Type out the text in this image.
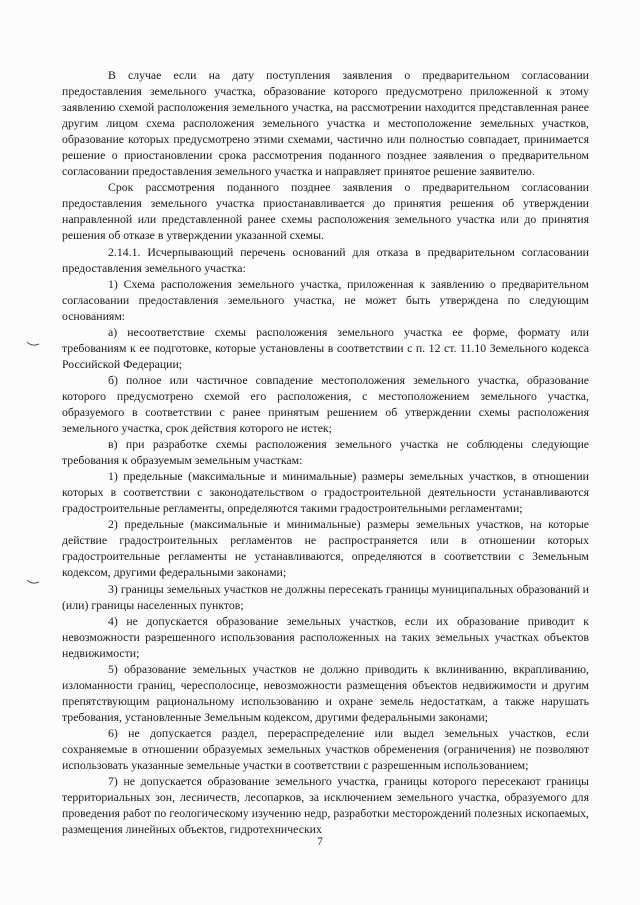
В случае если на дату поступления заявления о предварительном согласовании предоставления земельного участка, образование которого предусмотрено приложенной к этому заявлению схемой расположения земельного участка, на рассмотрении находится представленная ранее другим лицом схема расположения земельного участка и местоположение земельных участков, образование которых предусмотрено этими схемами, частично или полностью совпадает, принимается решение о приостановлении срока рассмотрения поданного позднее заявления о предварительном согласовании предоставления земельного участка и направляет принятое решение заявителю.

Срок рассмотрения поданного позднее заявления о предварительном согласовании предоставления земельного участка приостанавливается до принятия решения об утверждении направленной или представленной ранее схемы расположения земельного участка или до принятия решения об отказе в утверждении указанной схемы.

2.14.1. Исчерпывающий перечень оснований для отказа в предварительном согласовании предоставления земельного участка:

1) Схема расположения земельного участка, приложенная к заявлению о предварительном согласовании предоставления земельного участка, не может быть утверждена по следующим основаниям:

а) несоответствие схемы расположения земельного участка ее форме, формату или требованиям к ее подготовке, которые установлены в соответствии с п. 12 ст. 11.10 Земельного кодекса Российской Федерации;

б) полное или частичное совпадение местоположения земельного участка, образование которого предусмотрено схемой его расположения, с местоположением земельного участка, образуемого в соответствии с ранее принятым решением об утверждении схемы расположения земельного участка, срок действия которого не истек;

в) при разработке схемы расположения земельного участка не соблюдены следующие требования к образуемым земельным участкам:

1) предельные (максимальные и минимальные) размеры земельных участков, в отношении которых в соответствии с законодательством о градостроительной деятельности устанавливаются градостроительные регламенты, определяются такими градостроительными регламентами;

2) предельные (максимальные и минимальные) размеры земельных участков, на которые действие градостроительных регламентов не распространяется или в отношении которых градостроительные регламенты не устанавливаются, определяются в соответствии с Земельным кодексом, другими федеральными законами;

3) границы земельных участков не должны пересекать границы муниципальных образований и (или) границы населенных пунктов;

4) не допускается образование земельных участков, если их образование приводит к невозможности разрешенного использования расположенных на таких земельных участках объектов недвижимости;

5) образование земельных участков не должно приводить к вклиниванию, вкрапливанию, изломанности границ, чересполосице, невозможности размещения объектов недвижимости и другим препятствующим рациональному использованию и охране земель недостаткам, а также нарушать требования, установленные Земельным кодексом, другими федеральными законами;

6) не допускается раздел, перераспределение или выдел земельных участков, если сохраняемые в отношении образуемых земельных участков обременения (ограничения) не позволяют использовать указанные земельные участки в соответствии с разрешенным использованием;

7) не допускается образование земельного участка, границы которого пересекают границы территориальных зон, лесничеств, лесопарков, за исключением земельного участка, образуемого для проведения работ по геологическому изучению недр, разработки месторождений полезных ископаемых, размещения линейных объектов, гидротехнических

7
